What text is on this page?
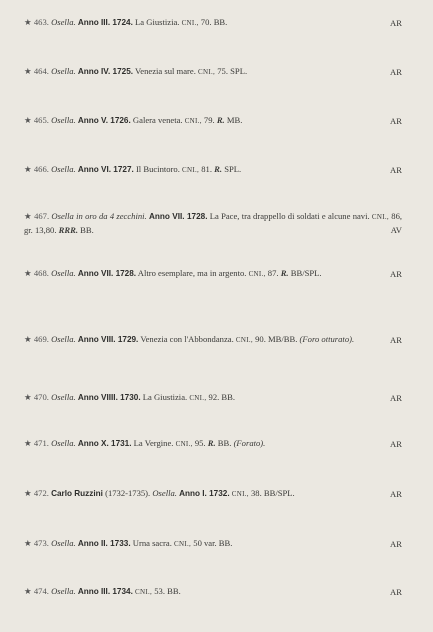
★ 463. Osella. Anno III. 1724. La Giustizia. CNI., 70. BB.	AR
★ 464. Osella. Anno IV. 1725. Venezia sul mare. CNI., 75. SPL.	AR
★ 465. Osella. Anno V. 1726. Galera veneta. CNI., 79. R. MB.	AR
★ 466. Osella. Anno VI. 1727. Il Bucintoro. CNI., 81. R. SPL.	AR
★ 467. Osella in oro da 4 zecchini. Anno VII. 1728. La Pace, tra drappello di soldati e alcune navi. CNI., 86, gr. 13,80. RRR. BB.	AV
★ 468. Osella. Anno VII. 1728. Altro esemplare, ma in argento. CNI., 87. R. BB/SPL.	AR
★ 469. Osella. Anno VIII. 1729. Venezia con l'Abbondanza. CNI., 90. MB/BB. (Foro otturato).	AR
★ 470. Osella. Anno VIIII. 1730. La Giustizia. CNI., 92. BB.	AR
★ 471. Osella. Anno X. 1731. La Vergine. CNI., 95. R. BB. (Forato).	AR
★ 472. Carlo Ruzzini (1732-1735). Osella. Anno I. 1732. CNI., 38. BB/SPL.	AR
★ 473. Osella. Anno II. 1733. Urna sacra. CNI., 50 var. BB.	AR
★ 474. Osella. Anno III. 1734. CNI., 53. BB.	AR
